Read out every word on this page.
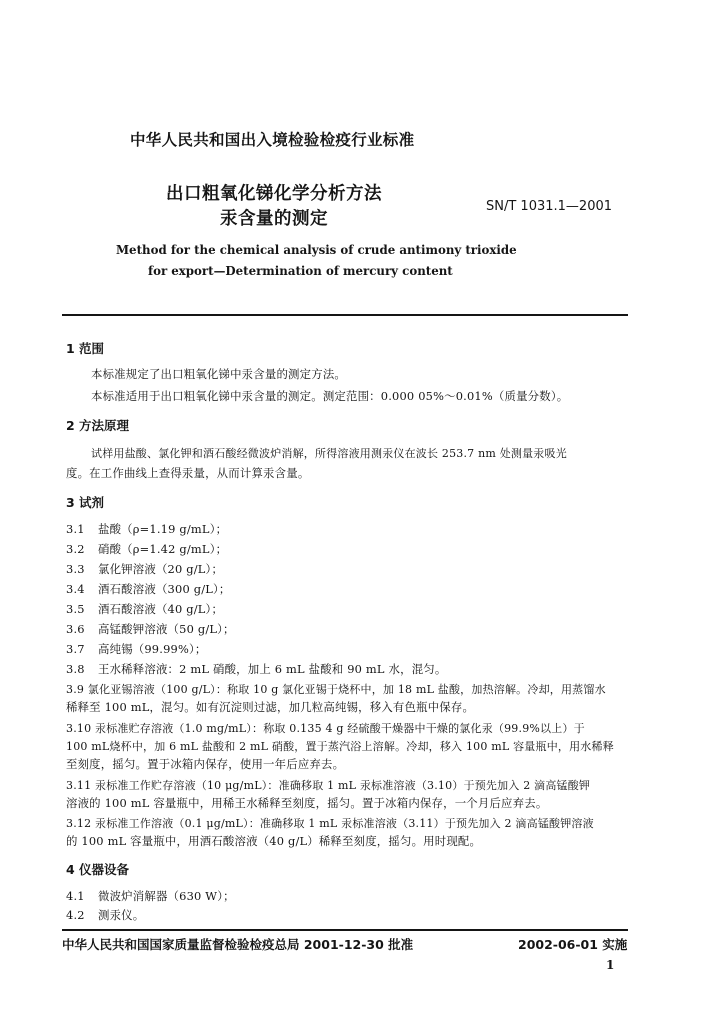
中华人民共和国出入境检验检疫行业标准
出口粗氧化锑化学分析方法
汞含量的测定
SN/T 1031.1—2001
Method for the chemical analysis of crude antimony trioxide
for export—Determination of mercury content
1 范围
本标准规定了出口粗氧化锑中汞含量的测定方法。
本标准适用于出口粗氧化锑中汞含量的测定。测定范围：0.000 05%～0.01%（质量分数）。
2 方法原理
试样用盐酸、氯化钾和酒石酸经微波炉消解，所得溶液用测汞仪在波长 253.7 nm 处测量汞吸光
度。在工作曲线上查得汞量，从而计算汞含量。
3 试剂
3.1 盐酸（ρ=1.19 g/mL）；
3.2 硝酸（ρ=1.42 g/mL）；
3.3 氯化钾溶液（20 g/L）；
3.4 酒石酸溶液（300 g/L）；
3.5 酒石酸溶液（40 g/L）；
3.6 高锰酸钾溶液（50 g/L）；
3.7 高纯锡（99.99%）；
3.8 王水稀释溶液：2 mL 硝酸，加上 6 mL 盐酸和 90 mL 水，混匀。
3.9 氯化亚锡溶液（100 g/L）：称取 10 g 氯化亚锡于烧杯中，加 18 mL 盐酸，加热溶解。冷却，用蒸馏水
稀释至 100 mL，混匀。如有沉淀则过滤，加几粒高纯锡，移入有色瓶中保存。
3.10 汞标准贮存溶液（1.0 mg/mL）：称取 0.135 4 g 经硫酸干燥器中干燥的氯化汞（99.9%以上）于
100 mL烧杯中，加 6 mL 盐酸和 2 mL 硝酸，置于蒸汽浴上溶解。冷却，移入 100 mL 容量瓶中，用水稀释
至刻度，摇匀。置于冰箱内保存，使用一年后应弃去。
3.11 汞标准工作贮存溶液（10 μg/mL）：准确移取 1 mL 汞标准溶液（3.10）于预先加入 2 滴高锰酸钾
溶液的 100 mL 容量瓶中，用稀王水稀释至刻度，摇匀。置于冰箱内保存，一个月后应弃去。
3.12 汞标准工作溶液（0.1 μg/mL）：准确移取 1 mL 汞标准溶液（3.11）于预先加入 2 滴高锰酸钾溶液
的 100 mL 容量瓶中，用酒石酸溶液（40 g/L）稀释至刻度，摇匀。用时现配。
4 仪器设备
4.1 微波炉消解器（630 W）；
4.2 测汞仪。
中华人民共和国国家质量监督检验检疫总局 2001-12-30 批准	2002-06-01 实施
1
